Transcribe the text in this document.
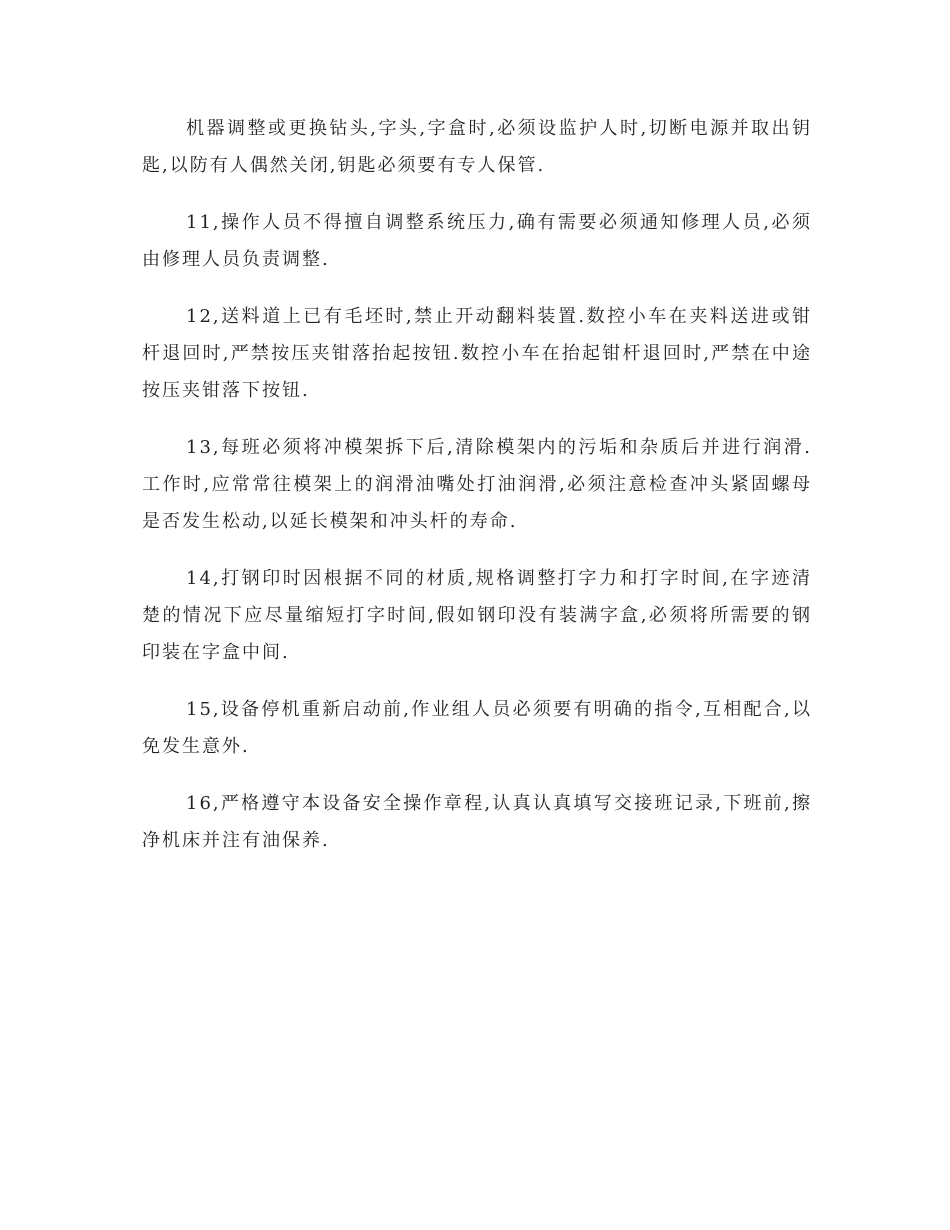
机器调整或更换钻头,字头,字盒时,必须设监护人时,切断电源并取出钥匙,以防有人偶然关闭,钥匙必须要有专人保管.

11,操作人员不得擅自调整系统压力,确有需要必须通知修理人员,必须由修理人员负责调整.

12,送料道上已有毛坯时,禁止开动翻料装置.数控小车在夹料送进或钳杆退回时,严禁按压夹钳落抬起按钮.数控小车在抬起钳杆退回时,严禁在中途按压夹钳落下按钮.

13,每班必须将冲模架拆下后,清除模架内的污垢和杂质后并进行润滑.工作时,应常常往模架上的润滑油嘴处打油润滑,必须注意检查冲头紧固螺母是否发生松动,以延长模架和冲头杆的寿命.

14,打钢印时因根据不同的材质,规格调整打字力和打字时间,在字迹清楚的情况下应尽量缩短打字时间,假如钢印没有装满字盒,必须将所需要的钢印装在字盒中间.

15,设备停机重新启动前,作业组人员必须要有明确的指令,互相配合,以免发生意外.

16,严格遵守本设备安全操作章程,认真认真填写交接班记录,下班前,擦净机床并注有油保养.
